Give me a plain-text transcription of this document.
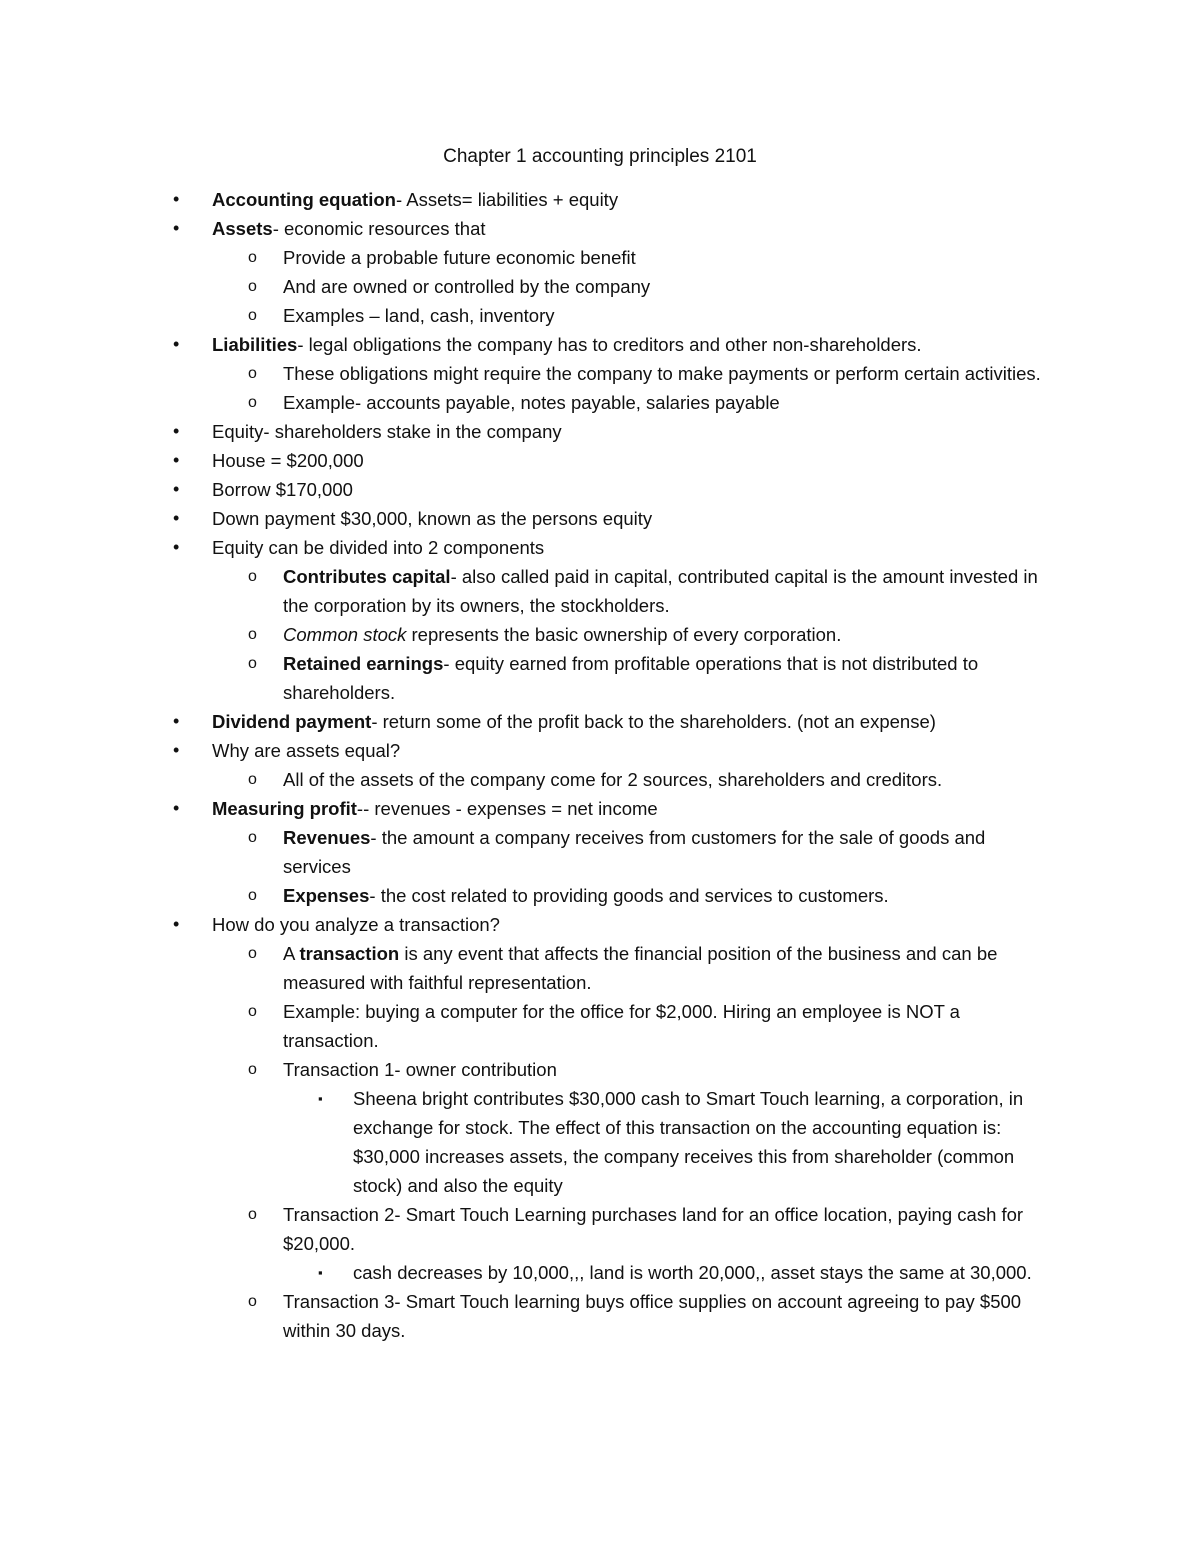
Chapter 1 accounting principles 2101
• Accounting equation- Assets= liabilities + equity
• Assets- economic resources that
o Provide a probable future economic benefit
o And are owned or controlled by the company
o Examples – land, cash, inventory
• Liabilities- legal obligations the company has to creditors and other non-shareholders.
o These obligations might require the company to make payments or perform certain activities.
o Example- accounts payable, notes payable, salaries payable
• Equity- shareholders stake in the company
• House = $200,000
• Borrow $170,000
• Down payment $30,000, known as the persons equity
• Equity can be divided into 2 components
o Contributes capital- also called paid in capital, contributed capital is the amount invested in the corporation by its owners, the stockholders.
o Common stock represents the basic ownership of every corporation.
o Retained earnings- equity earned from profitable operations that is not distributed to shareholders.
• Dividend payment- return some of the profit back to the shareholders. (not an expense)
• Why are assets equal?
o All of the assets of the company come for 2 sources, shareholders and creditors.
• Measuring profit-- revenues - expenses = net income
o Revenues- the amount a company receives from customers for the sale of goods and services
o Expenses- the cost related to providing goods and services to customers.
• How do you analyze a transaction?
o A transaction is any event that affects the financial position of the business and can be measured with faithful representation.
o Example: buying a computer for the office for $2,000. Hiring an employee is NOT a transaction.
o Transaction 1- owner contribution
▪ Sheena bright contributes $30,000 cash to Smart Touch learning, a corporation, in exchange for stock. The effect of this transaction on the accounting equation is: $30,000 increases assets, the company receives this from shareholder (common stock) and also the equity
o Transaction 2- Smart Touch Learning purchases land for an office location, paying cash for $20,000.
▪ cash decreases by 10,000,,, land is worth 20,000,, asset stays the same at 30,000.
o Transaction 3- Smart Touch learning buys office supplies on account agreeing to pay $500 within 30 days.
